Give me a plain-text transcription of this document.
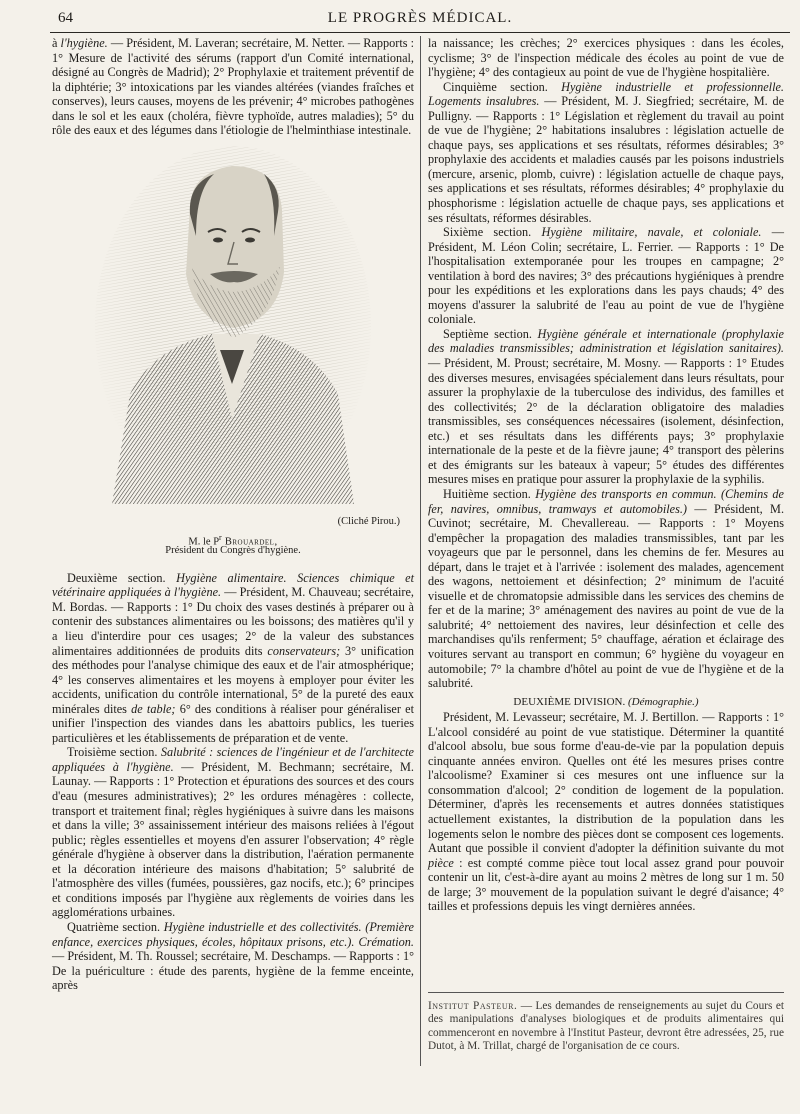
64	LE PROGRÈS MÉDICAL.

à l'hygiène. — Président, M. Laveran; secrétaire, M. Netter. — Rapports : 1° Mesure de l'activité des sérums (rapport d'un Comité international, désigné au Congrès de Madrid); 2° Prophylaxie et traitement préventif de la diphtérie; 3° intoxications par les viandes altérées (viandes fraîches et conserves), leurs causes, moyens de les prévenir; 4° microbes pathogènes dans le sol et les eaux (choléra, fièvre typhoïde, autres maladies); 5° du rôle des eaux et des légumes dans l'étiologie de l'helminthiase intestinale.

(Cliché Pirou.)
M. le $P^r$ Brouardel,
Président du Congrès d'hygiène.

Deuxième section. Hygiène alimentaire. Sciences chimique et vétérinaire appliquées à l'hygiène. — Président, M. Chauveau; secrétaire, M. Bordas. — Rapports : 1° Du choix des vases destinés à préparer ou à contenir des substances alimentaires ou les boissons; des matières qu'il y a lieu d'interdire pour ces usages; 2° de la valeur des substances alimentaires additionnées de produits dits conservateurs; 3° unification des méthodes pour l'analyse chimique des eaux et de l'air atmosphérique; 4° les conserves alimentaires et les moyens à employer pour éviter les accidents, unification du contrôle international, 5° de la pureté des eaux minérales dites de table; 6° des conditions à réaliser pour généraliser et unifier l'inspection des viandes dans les abattoirs publics, les tueries particulières et les établissements de préparation et de vente.

Troisième section. Salubrité : sciences de l'ingénieur et de l'architecte appliquées à l'hygiène. — Président, M. Bechmann; secrétaire, M. Launay. — Rapports : 1° Protection et épurations des sources et des cours d'eau (mesures administratives); 2° les ordures ménagères : collecte, transport et traitement final; règles hygiéniques à suivre dans les maisons et dans la ville; 3° assainissement intérieur des maisons reliées à l'égout public; règles essentielles et moyens d'en assurer l'observation; 4° règle générale d'hygiène à observer dans la distribution, l'aération permanente et la décoration intérieure des maisons d'habitation; 5° salubrité de l'atmosphère des villes (fumées, poussières, gaz nocifs, etc.); 6° principes et conditions imposés par l'hygiène aux règlements de voiries dans les agglomérations urbaines.

Quatrième section. Hygiène industrielle et des collectivités. (Première enfance, exercices physiques, écoles, hôpitaux prisons, etc.). Crémation. — Président, M. Th. Roussel; secrétaire, M. Deschamps. — Rapports : 1° De la puériculture : étude des parents, hygiène de la femme enceinte, après

la naissance; les crèches; 2° exercices physiques : dans les écoles, cyclisme; 3° de l'inspection médicale des écoles au point de vue de l'hygiène; 4° des contagieux au point de vue de l'hygiène hospitalière.

Cinquième section. Hygiène industrielle et professionnelle. Logements insalubres. — Président, M. J. Siegfried; secrétaire, M. de Pulligny. — Rapports : 1° Législation et règlement du travail au point de vue de l'hygiène; 2° habitations insalubres : législation actuelle de chaque pays, ses applications et ses résultats, réformes désirables; 3° prophylaxie des accidents et maladies causés par les poisons industriels (mercure, arsenic, plomb, cuivre) : législation actuelle de chaque pays, ses applications et ses résultats, réformes désirables; 4° prophylaxie du phosphorisme : législation actuelle de chaque pays, ses applications et ses résultats, réformes désirables.

Sixième section. Hygiène militaire, navale, et coloniale. — Président, M. Léon Colin; secrétaire, L. Ferrier. — Rapports : 1° De l'hospitalisation extemporanée pour les troupes en campagne; 2° ventilation à bord des navires; 3° des précautions hygiéniques à prendre pour les expéditions et les explorations dans les pays chauds; 4° des moyens d'assurer la salubrité de l'eau au point de vue de l'hygiène coloniale.

Septième section. Hygiène générale et internationale (prophylaxie des maladies transmissibles; administration et législation sanitaires). — Président, M. Proust; secrétaire, M. Mosny. — Rapports : 1° Etudes des diverses mesures, envisagées spécialement dans leurs résultats, pour assurer la prophylaxie de la tuberculose des individus, des familles et des collectivités; 2° de la déclaration obligatoire des maladies transmissibles, ses conséquences nécessaires (isolement, désinfection, etc.) et ses résultats dans les différents pays; 3° prophylaxie internationale de la peste et de la fièvre jaune; 4° transport des pèlerins et des émigrants sur les bateaux à vapeur; 5° études des différentes mesures mises en pratique pour assurer la prophylaxie de la syphilis.

Huitième section. Hygiène des transports en commun. (Chemins de fer, navires, omnibus, tramways et automobiles.) — Président, M. Cuvinot; secrétaire, M. Chevallereau. — Rapports : 1° Moyens d'empêcher la propagation des maladies transmissibles, tant par les voyageurs que par le personnel, dans les chemins de fer. Mesures au départ, dans le trajet et à l'arrivée : isolement des malades, agencement des wagons, nettoiement et désinfection; 2° minimum de l'acuité visuelle et de chromatopsie admissible dans les services des chemins de fer et de la marine; 3° aménagement des navires au point de vue de la salubrité; 4° nettoiement des navires, leur désinfection et celle des marchandises qu'ils renferment; 5° chauffage, aération et éclairage des voitures servant au transport en commun; 6° hygiène du voyageur en automobile; 7° la chambre d'hôtel au point de vue de l'hygiène et de la salubrité.

DEUXIÈME DIVISION. (Démographie.)

Président, M. Levasseur; secrétaire, M. J. Bertillon. — Rapports : 1° L'alcool considéré au point de vue statistique. Déterminer la quantité d'alcool absolu, bue sous forme d'eau-de-vie par la population depuis cinquante années environ. Quelles ont été les mesures prises contre l'alcoolisme? Examiner si ces mesures ont une influence sur la consommation d'alcool; 2° condition de logement de la population. Déterminer, d'après les recensements et autres données statistiques actuellement existantes, la distribution de la population dans les logements selon le nombre des pièces dont se composent ces logements. Autant que possible il convient d'adopter la définition suivante du mot pièce : est compté comme pièce tout local assez grand pour pouvoir contenir un lit, c'est-à-dire ayant au moins 2 mètres de long sur 1 m. 50 de large; 3° mouvement de la population suivant le degré d'aisance; 4° tailles et professions depuis les vingt dernières années.

Institut Pasteur. — Les demandes de renseignements au sujet du Cours et des manipulations d'analyses biologiques et de produits alimentaires qui commenceront en novembre à l'Institut Pasteur, devront être adressées, 25, rue Dutot, à M. Trillat, chargé de l'organisation de ce cours.
